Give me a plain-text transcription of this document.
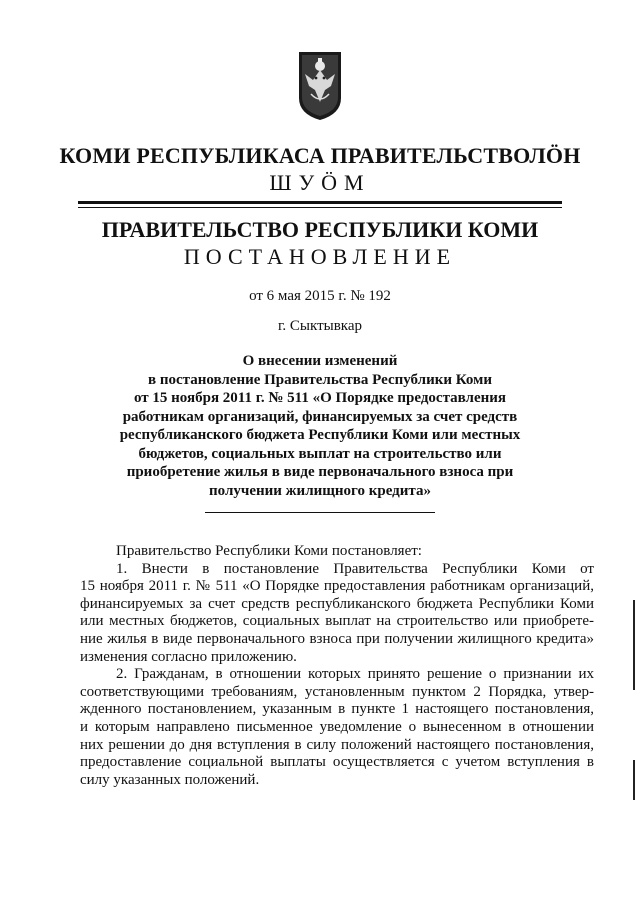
КОМИ РЕСПУБЛИКАСА ПРАВИТЕЛЬСТВОЛӦН
ШУӦМ
ПРАВИТЕЛЬСТВО РЕСПУБЛИКИ КОМИ
ПОСТАНОВЛЕНИЕ
от 6 мая 2015 г. № 192
г. Сыктывкар
О внесении изменений
в постановление Правительства Республики Коми
от 15 ноября 2011 г. № 511 «О Порядке предоставления
работникам организаций, финансируемых за счет средств
республиканского бюджета Республики Коми или местных
бюджетов, социальных выплат на строительство или
приобретение жилья в виде первоначального взноса при
получении жилищного кредита»
Правительство Республики Коми постановляет:
1. Внести в постановление Правительства Республики Коми от
15 ноября 2011 г. № 511 «О Порядке предоставления работникам организаций,
финансируемых за счет средств республиканского бюджета Республики Коми
или местных бюджетов, социальных выплат на строительство или приобрете-
ние жилья в виде первоначального взноса при получении жилищного кредита»
изменения согласно приложению.
2. Гражданам, в отношении которых принято решение о признании их
соответствующими требованиям, установленным пунктом 2 Порядка, утвер-
жденного постановлением, указанным в пункте 1 настоящего постановления,
и которым направлено письменное уведомление о вынесенном в отношении
них решении до дня вступления в силу положений настоящего постановления,
предоставление социальной выплаты осуществляется с учетом вступления в
силу указанных положений.
